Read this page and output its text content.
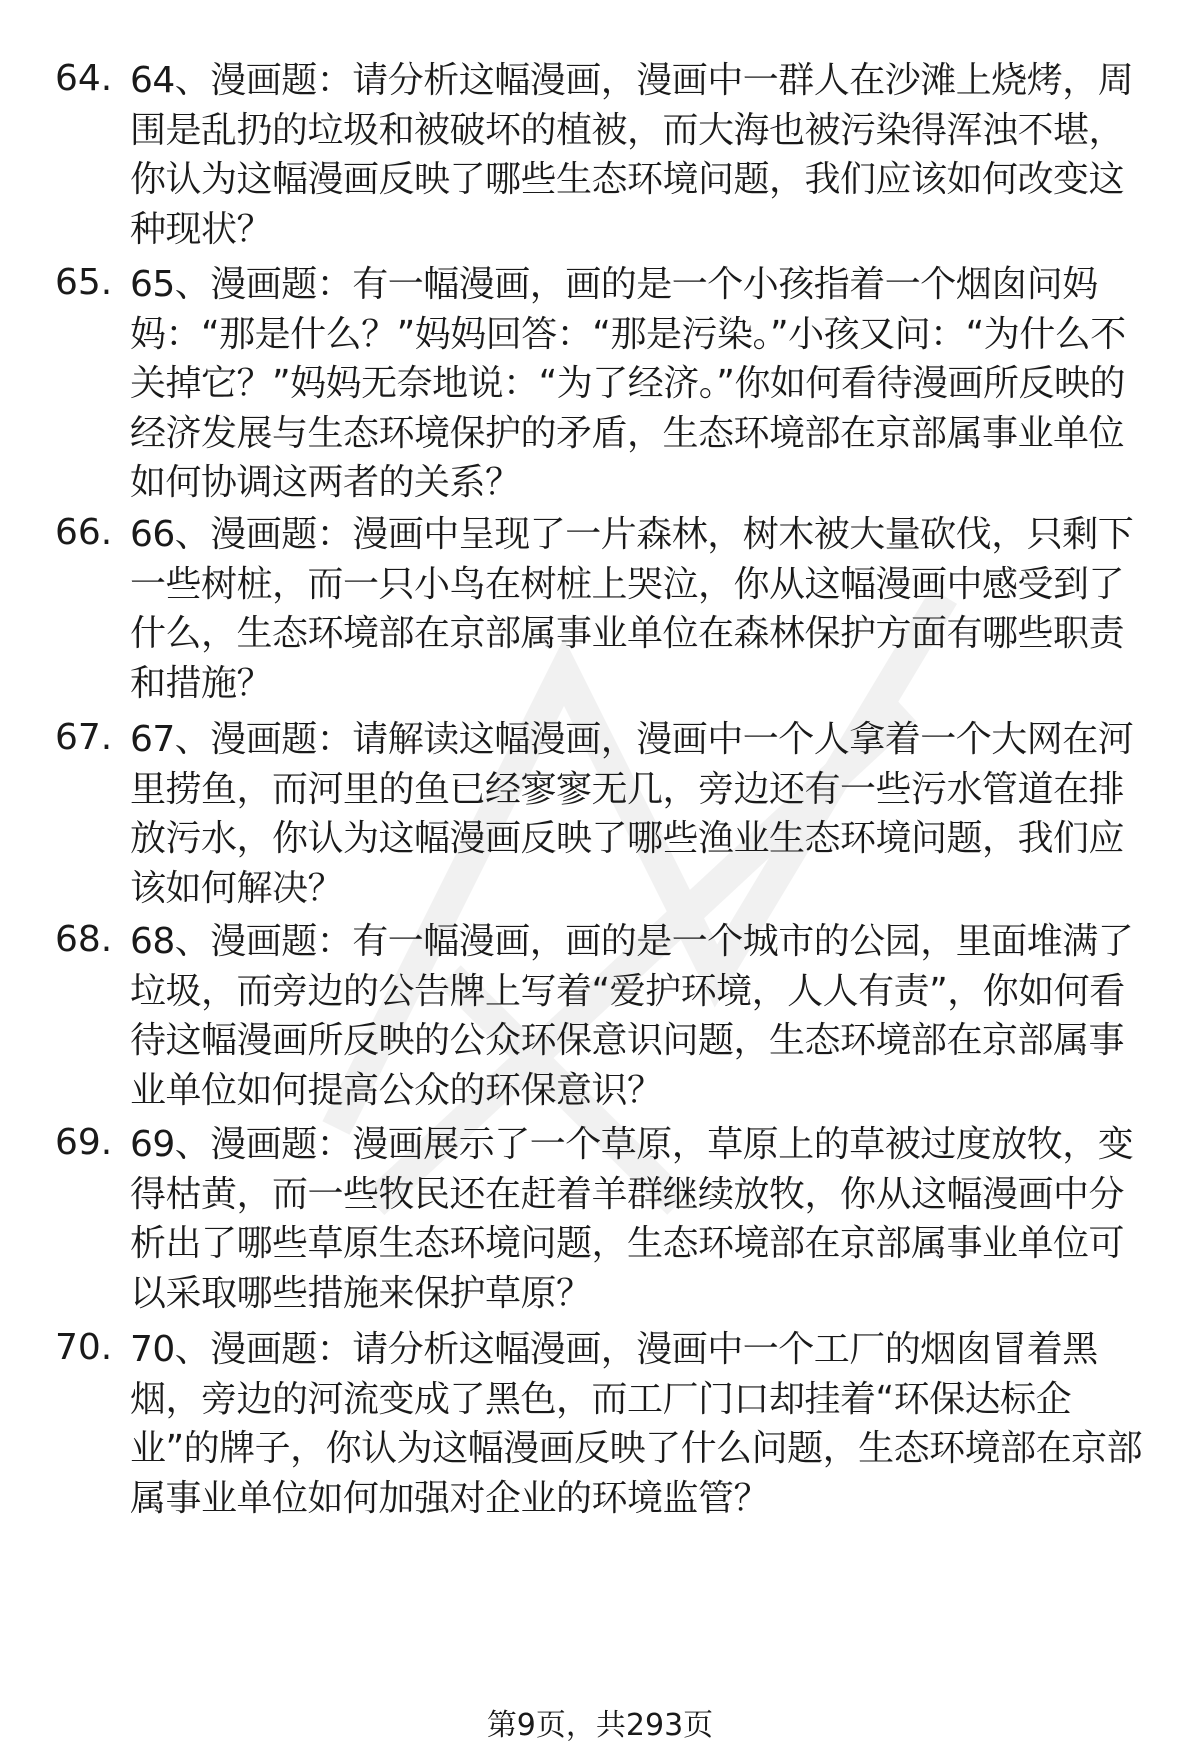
64. 64、漫画题：请分析这幅漫画，漫画中一群人在沙滩上烧烤，周围是乱扔的垃圾和被破坏的植被，而大海也被污染得浑浊不堪，你认为这幅漫画反映了哪些生态环境问题，我们应该如何改变这种现状？
65. 65、漫画题：有一幅漫画，画的是一个小孩指着一个烟囱问妈妈：“那是什么？”妈妈回答：“那是污染。”小孩又问：“为什么不关掉它？”妈妈无奈地说：“为了经济。”你如何看待漫画所反映的经济发展与生态环境保护的矛盾，生态环境部在京部属事业单位如何协调这两者的关系？
66. 66、漫画题：漫画中呈现了一片森林，树木被大量砍伐，只剩下一些树桩，而一只小鸟在树桩上哭泣，你从这幅漫画中感受到了什么，生态环境部在京部属事业单位在森林保护方面有哪些职责和措施？
67. 67、漫画题：请解读这幅漫画，漫画中一个人拿着一个大网在河里捞鱼，而河里的鱼已经寥寥无几，旁边还有一些污水管道在排放污水，你认为这幅漫画反映了哪些渔业生态环境问题，我们应该如何解决？
68. 68、漫画题：有一幅漫画，画的是一个城市的公园，里面堆满了垃圾，而旁边的公告牌上写着“爱护环境，人人有责”，你如何看待这幅漫画所反映的公众环保意识问题，生态环境部在京部属事业单位如何提高公众的环保意识？
69. 69、漫画题：漫画展示了一个草原，草原上的草被过度放牧，变得枯黄，而一些牧民还在赶着羊群继续放牧，你从这幅漫画中分析出了哪些草原生态环境问题，生态环境部在京部属事业单位可以采取哪些措施来保护草原？
70. 70、漫画题：请分析这幅漫画，漫画中一个工厂的烟囱冒着黑烟，旁边的河流变成了黑色，而工厂门口却挂着“环保达标企业”的牌子，你认为这幅漫画反映了什么问题，生态环境部在京部属事业单位如何加强对企业的环境监管？
第9页，共293页
